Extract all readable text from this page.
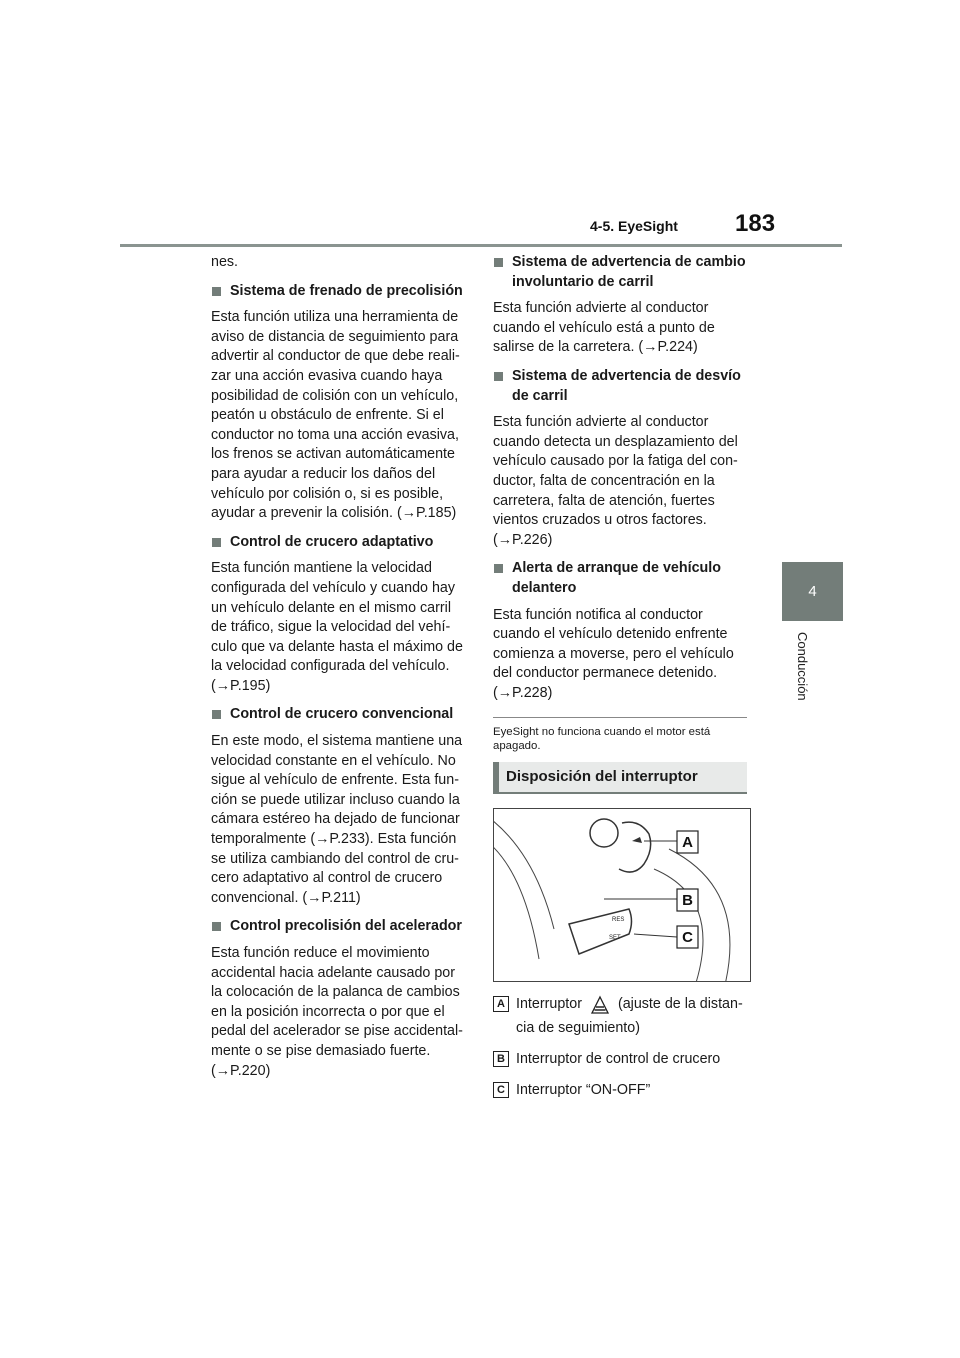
4-5. EyeSight 183
4
Conducción

nes.

Sistema de frenado de precolisión

Esta función utiliza una herramienta de aviso de distancia de seguimiento para advertir al conductor de que debe reali-zar una acción evasiva cuando haya posibilidad de colisión con un vehículo, peatón u obstáculo de enfrente. Si el conductor no toma una acción evasiva, los frenos se activan automáticamente para ayudar a reducir los daños del vehículo por colisión o, si es posible, ayudar a prevenir la colisión. (→P.185)

Control de crucero adaptativo

Esta función mantiene la velocidad configurada del vehículo y cuando hay un vehículo delante en el mismo carril de tráfico, sigue la velocidad del vehí-culo que va delante hasta el máximo de la velocidad configurada del vehículo. (→P.195)

Control de crucero convencional

En este modo, el sistema mantiene una velocidad constante en el vehículo. No sigue al vehículo de enfrente. Esta fun-ción se puede utilizar incluso cuando la cámara estéreo ha dejado de funcionar temporalmente (→P.233). Esta función se utiliza cambiando del control de cru-cero adaptativo al control de crucero convencional. (→P.211)

Control precolisión del acelerador

Esta función reduce el movimiento accidental hacia adelante causado por la colocación de la palanca de cambios en la posición incorrecta o por que el pedal del acelerador se pise accidental-mente o se pise demasiado fuerte. (→P.220)

Sistema de advertencia de cambio involuntario de carril

Esta función advierte al conductor cuando el vehículo está a punto de salirse de la carretera. (→P.224)

Sistema de advertencia de desvío de carril

Esta función advierte al conductor cuando detecta un desplazamiento del vehículo causado por la fatiga del con-ductor, falta de concentración en la carretera, falta de atención, fuertes vientos cruzados u otros factores. (→P.226)

Alerta de arranque de vehículo delantero

Esta función notifica al conductor cuando el vehículo detenido enfrente comienza a moverse, pero el vehículo del conductor permanece detenido. (→P.228)

EyeSight no funciona cuando el motor está apagado.

Disposición del interruptor
A
B
C
RES
SET
A Interruptor	(ajuste de la distan-cia de seguimiento)
B Interruptor de control de crucero
C Interruptor “ON-OFF”
